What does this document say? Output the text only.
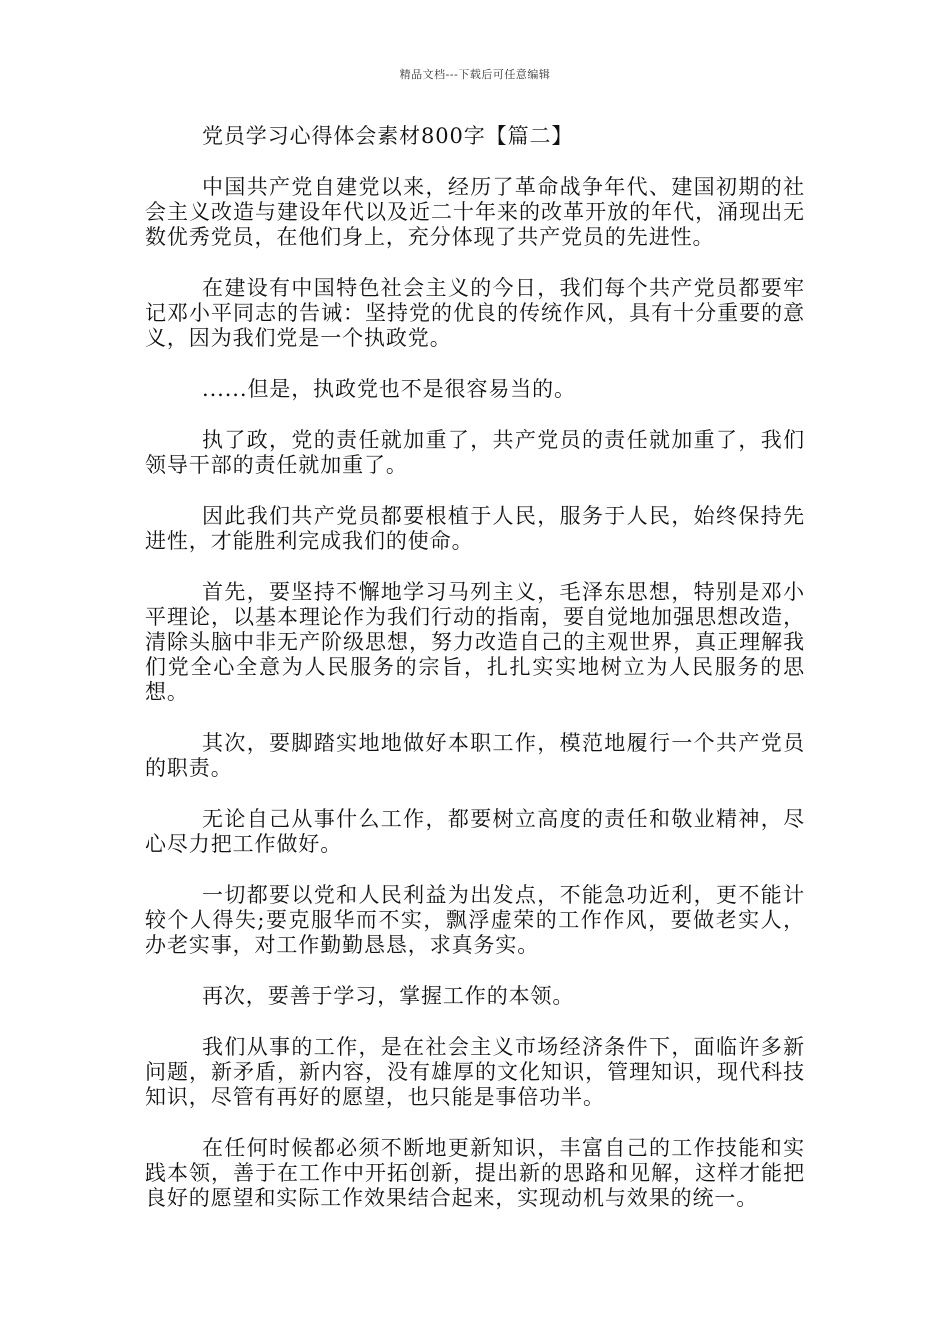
精品文档---下载后可任意编辑

党员学习心得体会素材800字【篇二】

中国共产党自建党以来，经历了革命战争年代、建国初期的社会主义改造与建设年代以及近二十年来的改革开放的年代，涌现出无数优秀党员，在他们身上，充分体现了共产党员的先进性。

在建设有中国特色社会主义的今日，我们每个共产党员都要牢记邓小平同志的告诫：坚持党的优良的传统作风，具有十分重要的意义，因为我们党是一个执政党。

......但是，执政党也不是很容易当的。

执了政，党的责任就加重了，共产党员的责任就加重了，我们领导干部的责任就加重了。

因此我们共产党员都要根植于人民，服务于人民，始终保持先进性，才能胜利完成我们的使命。

首先，要坚持不懈地学习马列主义，毛泽东思想，特别是邓小平理论，以基本理论作为我们行动的指南，要自觉地加强思想改造，清除头脑中非无产阶级思想，努力改造自己的主观世界，真正理解我们党全心全意为人民服务的宗旨，扎扎实实地树立为人民服务的思想。

其次，要脚踏实地地做好本职工作，模范地履行一个共产党员的职责。

无论自己从事什么工作，都要树立高度的责任和敬业精神，尽心尽力把工作做好。

一切都要以党和人民利益为出发点，不能急功近利，更不能计较个人得失;要克服华而不实，飘浮虚荣的工作作风，要做老实人，办老实事，对工作勤勤恳恳，求真务实。

再次，要善于学习，掌握工作的本领。

我们从事的工作，是在社会主义市场经济条件下，面临许多新问题，新矛盾，新内容，没有雄厚的文化知识，管理知识，现代科技知识，尽管有再好的愿望，也只能是事倍功半。

在任何时候都必须不断地更新知识，丰富自己的工作技能和实践本领，善于在工作中开拓创新，提出新的思路和见解，这样才能把良好的愿望和实际工作效果结合起来，实现动机与效果的统一。
